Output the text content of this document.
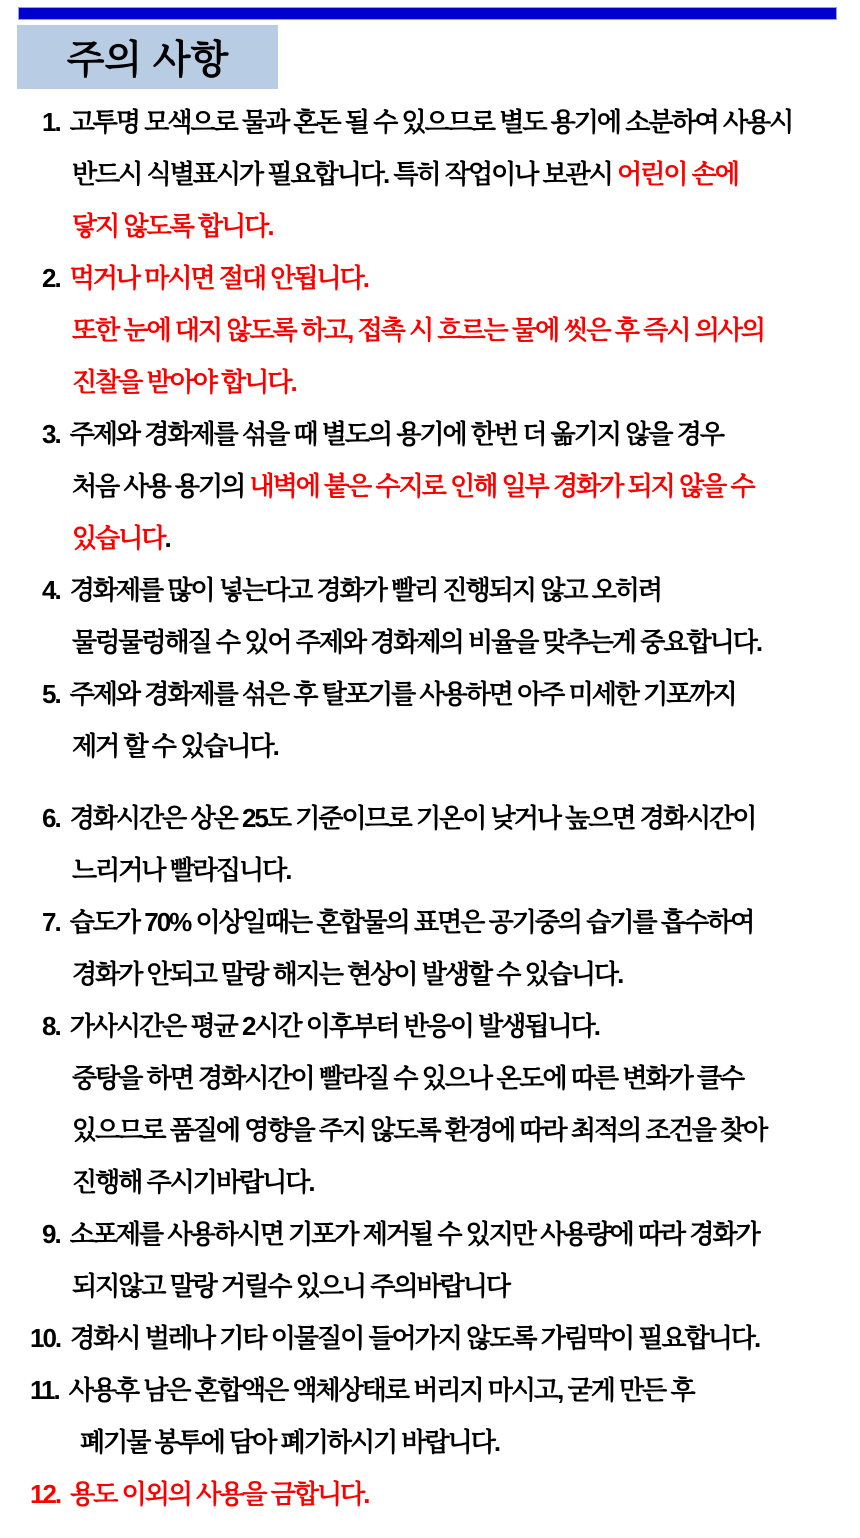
주의 사항
1. 고투명 모색으로 물과 혼돈 될 수 있으므로 별도 용기에 소분하여 사용시
반드시 식별표시가 필요합니다. 특히 작업이나 보관시 어린이 손에
닿지 않도록 합니다.
2. 먹거나 마시면 절대 안됩니다.
또한 눈에 대지 않도록 하고, 접촉 시 흐르는 물에 씻은 후 즉시 의사의
진찰을 받아야 합니다.
3. 주제와 경화제를 섞을 때 별도의 용기에 한번 더 옮기지 않을 경우
처음 사용 용기의 내벽에 붙은 수지로 인해 일부 경화가 되지 않을 수
있습니다.
4. 경화제를 많이 넣는다고 경화가 빨리 진행되지 않고 오히려
물렁물렁해질 수 있어 주제와 경화제의 비율을 맞추는게 중요합니다.
5. 주제와 경화제를 섞은 후 탈포기를 사용하면 아주 미세한 기포까지
제거 할 수 있습니다.
6. 경화시간은 상온 25도 기준이므로 기온이 낮거나 높으면 경화시간이
느리거나 빨라집니다.
7. 습도가 70% 이상일때는 혼합물의 표면은 공기중의 습기를 흡수하여
경화가 안되고 말랑 해지는 현상이 발생할 수 있습니다.
8. 가사시간은 평균 2시간 이후부터 반응이 발생됩니다.
중탕을 하면 경화시간이 빨라질 수 있으나 온도에 따른 변화가 클수
있으므로 품질에 영향을 주지 않도록 환경에 따라 최적의 조건을 찾아
진행해 주시기바랍니다.
9. 소포제를 사용하시면 기포가 제거될 수 있지만 사용량에 따라 경화가
되지않고 말랑 거릴수 있으니 주의바랍니다
10. 경화시 벌레나 기타 이물질이 들어가지 않도록 가림막이 필요합니다.
11. 사용후 남은 혼합액은 액체상태로 버리지 마시고, 굳게 만든 후
폐기물 봉투에 담아 폐기하시기 바랍니다.
12. 용도 이외의 사용을 금합니다.
